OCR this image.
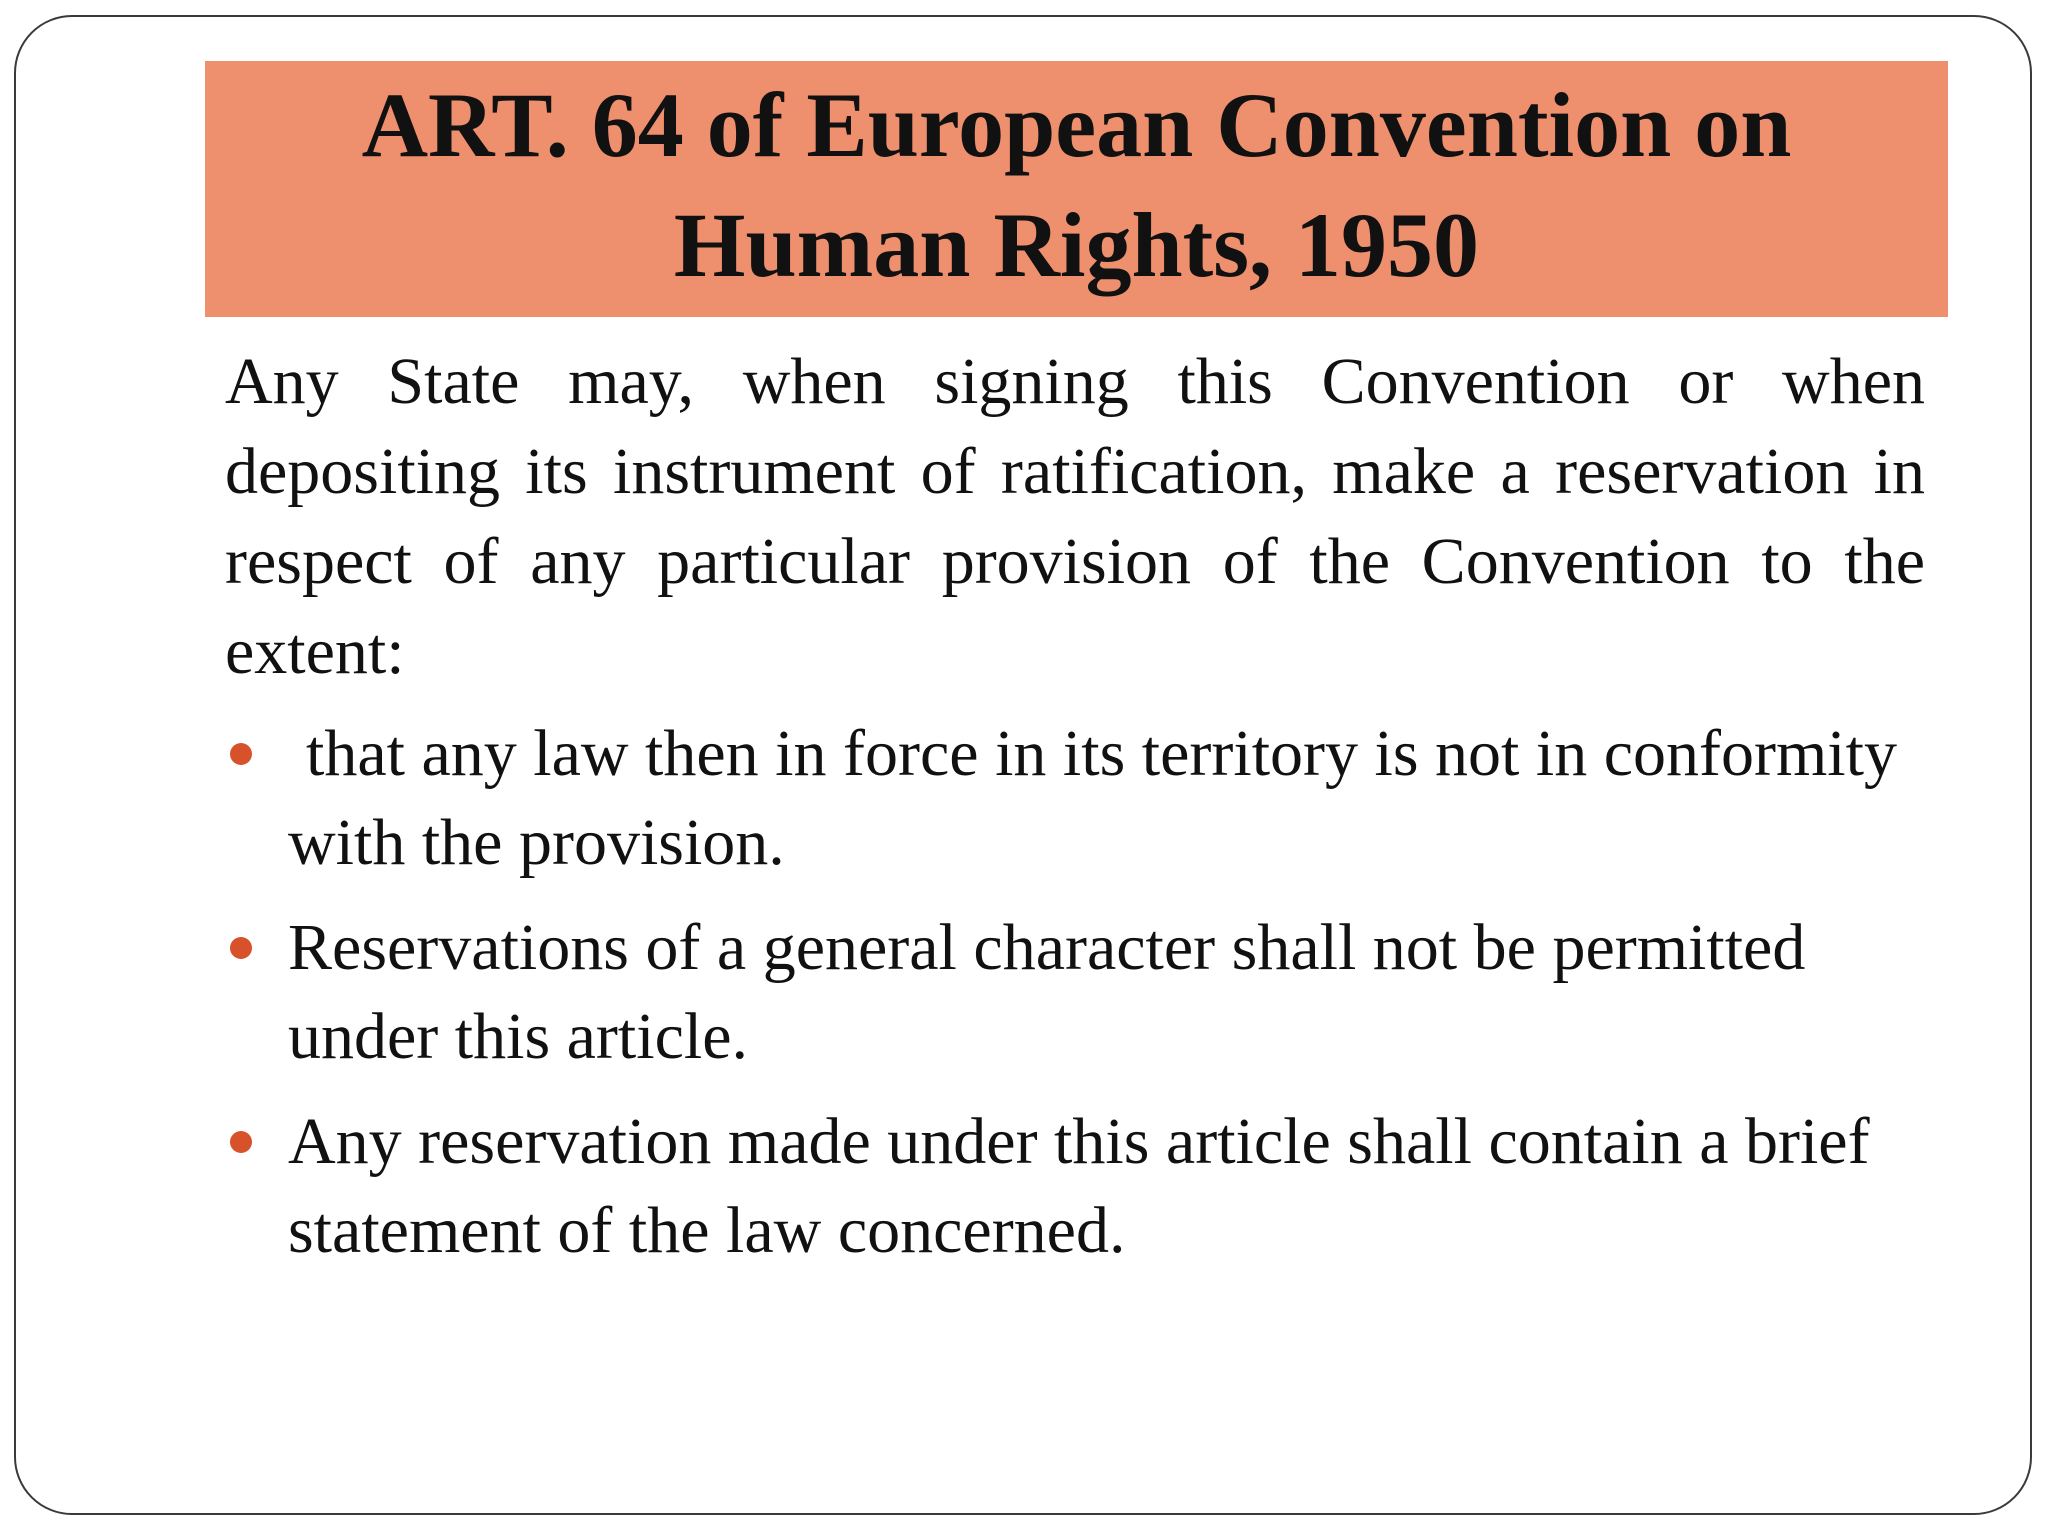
ART. 64 of European Convention on Human Rights, 1950

Any State may, when signing this Convention or when depositing its instrument of ratification, make a reservation in respect of any particular provision of the Convention to the extent:

that any law then in force in its territory is not in conformity with the provision.
Reservations of a general character shall not be permitted under this article.
Any reservation made under this article shall contain a brief statement of the law concerned.
